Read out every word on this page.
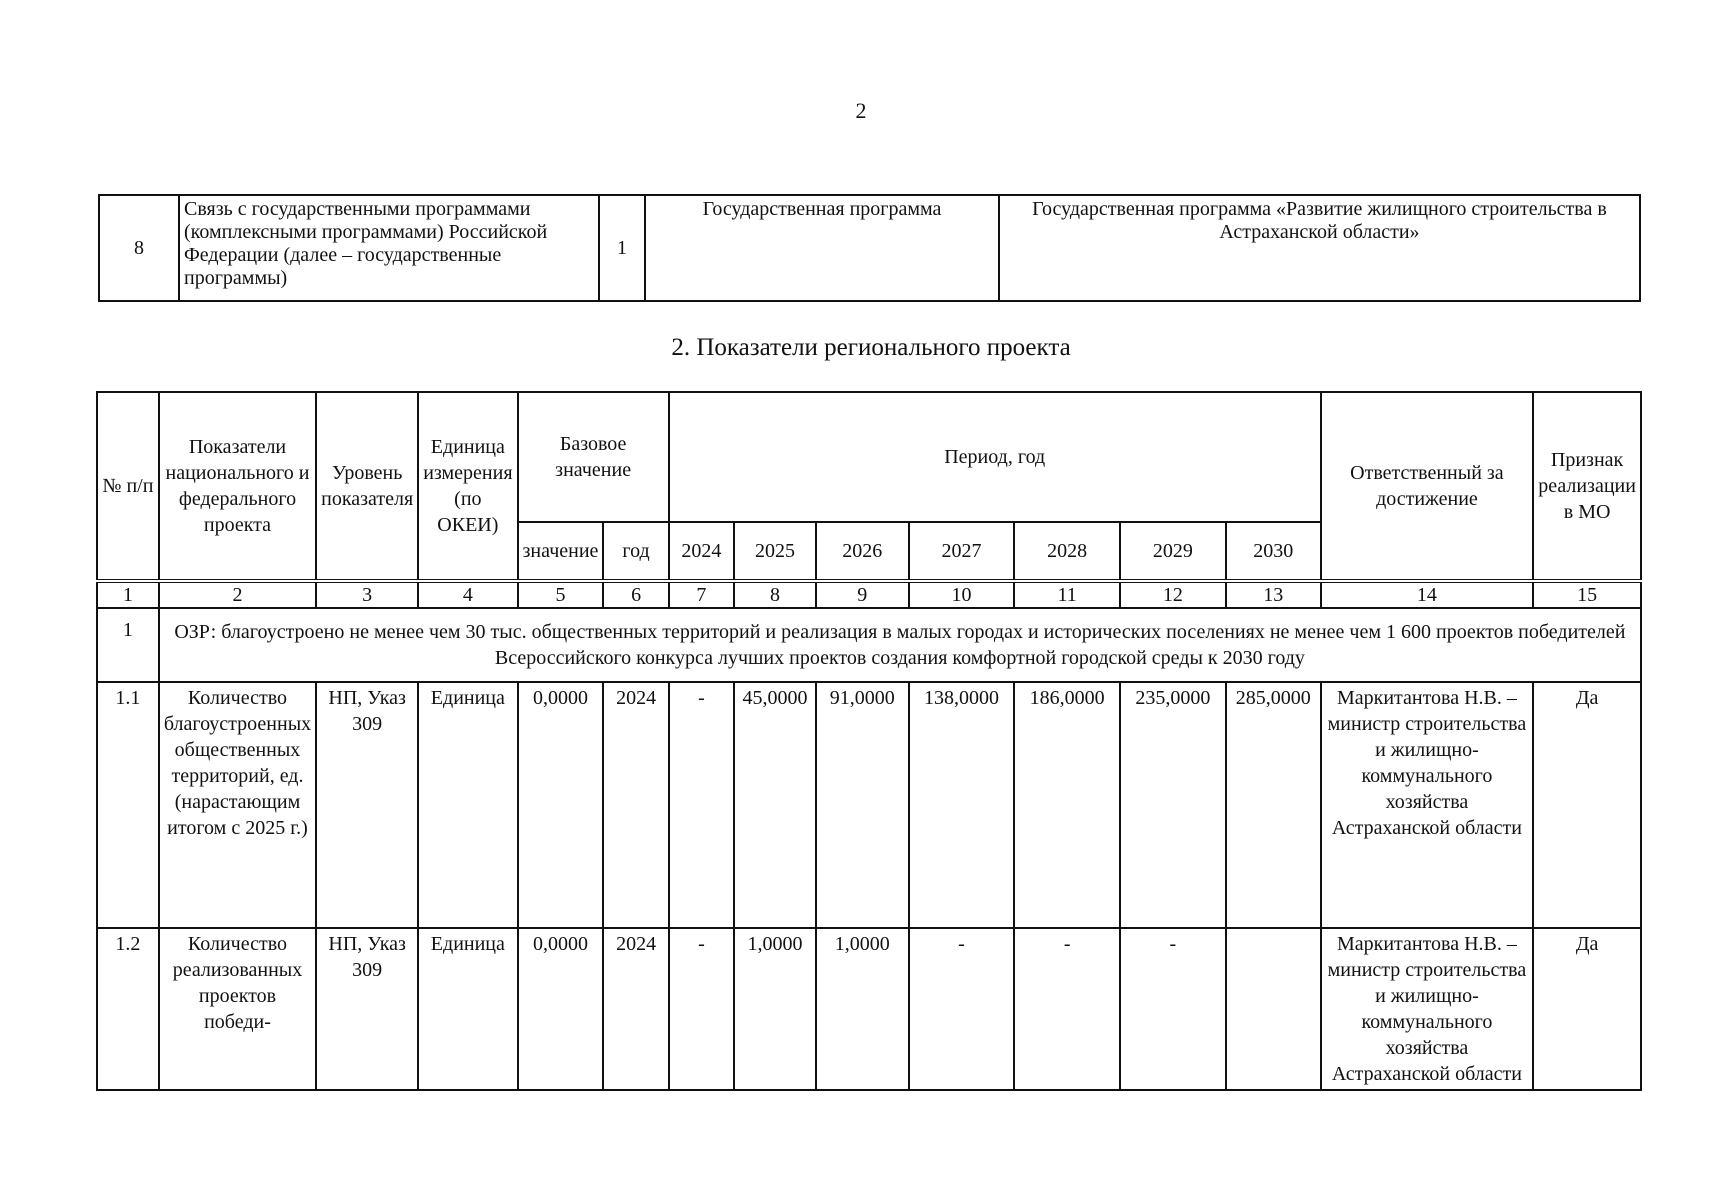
2
8	Связь с государственными программами (комплексными программами) Российской Федерации (далее – государственные программы)	1	Государственная программа	Государственная программа «Развитие жилищного строительства в Астраханской области»
2. Показатели регионального проекта
№ п/п	Показатели национального и федерального проекта	Уровень показателя	Единица измерения (по ОКЕИ)	Базовое значение		Период, год							Ответственный за достижение	Признак реализации в МО
				значение	год	2024	2025	2026	2027	2028	2029	2030		
1	2	3	4	5	6	7	8	9	10	11	12	13	14	15
1	ОЗР: благоустроено не менее чем 30 тыс. общественных территорий и реализация в малых городах и исторических поселениях не менее чем 1 600 проектов победителей Всероссийского конкурса лучших проектов создания комфортной городской среды к 2030 году													
1.1	Количество благоустроенных общественных территорий, ед. (нарастающим итогом с 2025 г.)	НП, Указ 309	Единица	0,0000	2024	-	45,0000	91,0000	138,0000	186,0000	235,0000	285,0000	Маркитантова Н.В. – министр строительства и жилищно-коммунального хозяйства Астраханской области	Да
1.2	Количество реализованных проектов победи-	НП, Указ 309	Единица	0,0000	2024	-	1,0000	1,0000	-	-	-		Маркитантова Н.В. – министр строительства и жилищно-коммунального хозяйства Астраханской области	Да
